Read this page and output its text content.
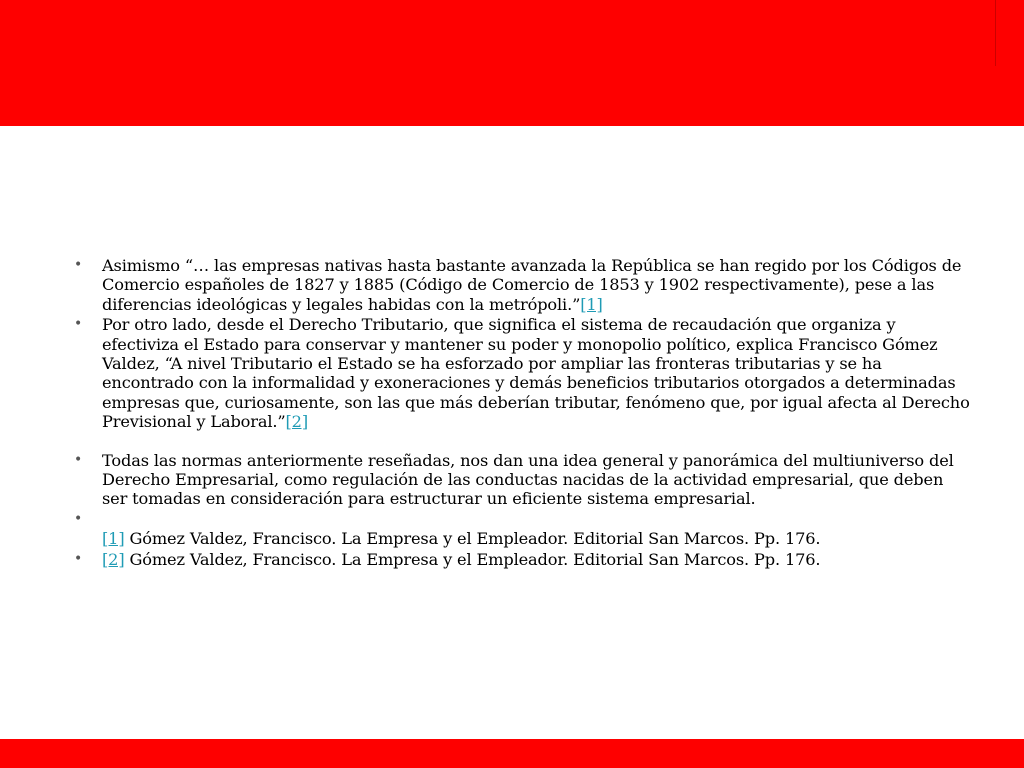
• Asimismo “… las empresas nativas hasta bastante avanzada la República se han regido por los Códigos de Comercio españoles de 1827 y 1885 (Código de Comercio de 1853 y 1902 respectivamente), pese a las diferencias ideológicas y legales habidas con la metrópoli.”[1]
• Por otro lado, desde el Derecho Tributario, que significa el sistema de recaudación que organiza y efectiviza el Estado para conservar y mantener su poder y monopolio político, explica Francisco Gómez Valdez, “A nivel Tributario el Estado se ha esforzado por ampliar las fronteras tributarias y se ha encontrado con la informalidad y exoneraciones y demás beneficios tributarios otorgados a determinadas empresas que, curiosamente, son las que más deberían tributar, fenómeno que, por igual afecta al Derecho Previsional y Laboral.”[2]
• Todas las normas anteriormente reseñadas, nos dan una idea general y panorámica del multiuniverso del Derecho Empresarial, como regulación de las conductas nacidas de la actividad empresarial, que deben ser tomadas en consideración para estructurar un eficiente sistema empresarial.
•

[1] Gómez Valdez, Francisco. La Empresa y el Empleador. Editorial San Marcos. Pp. 176.
• [2] Gómez Valdez, Francisco. La Empresa y el Empleador. Editorial San Marcos. Pp. 176.
